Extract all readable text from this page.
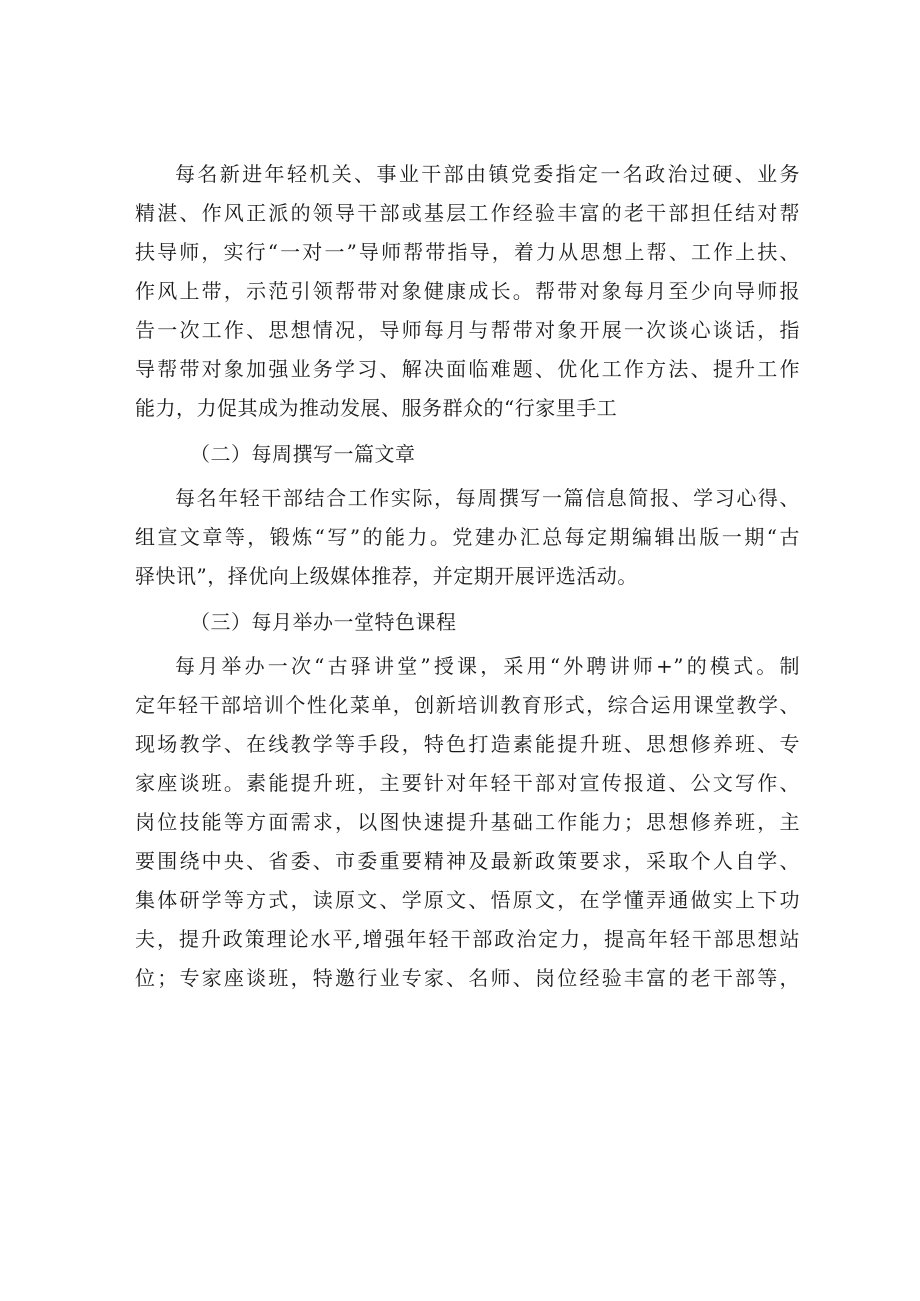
每名新进年轻机关、事业干部由镇党委指定一名政治过硬、业务
精湛、作风正派的领导干部或基层工作经验丰富的老干部担任结对帮
扶导师，实行“一对一”导师帮带指导，着力从思想上帮、工作上扶、
作风上带，示范引领帮带对象健康成长。帮带对象每月至少向导师报
告一次工作、思想情况，导师每月与帮带对象开展一次谈心谈话，指
导帮带对象加强业务学习、解决面临难题、优化工作方法、提升工作
能力，力促其成为推动发展、服务群众的“行家里手工

（二）每周撰写一篇文章

每名年轻干部结合工作实际，每周撰写一篇信息简报、学习心得、
组宣文章等，锻炼“写”的能力。党建办汇总每定期编辑出版一期“古
驿快讯”，择优向上级媒体推荐，并定期开展评选活动。

（三）每月举办一堂特色课程

每月举办一次“古驿讲堂”授课，采用“外聘讲师+”的模式。制
定年轻干部培训个性化菜单，创新培训教育形式，综合运用课堂教学、
现场教学、在线教学等手段，特色打造素能提升班、思想修养班、专
家座谈班。素能提升班，主要针对年轻干部对宣传报道、公文写作、
岗位技能等方面需求，以图快速提升基础工作能力；思想修养班，主
要围绕中央、省委、市委重要精神及最新政策要求，采取个人自学、
集体研学等方式，读原文、学原文、悟原文，在学懂弄通做实上下功
夫，提升政策理论水平,增强年轻干部政治定力，提高年轻干部思想站
位；专家座谈班，特邀行业专家、名师、岗位经验丰富的老干部等，
